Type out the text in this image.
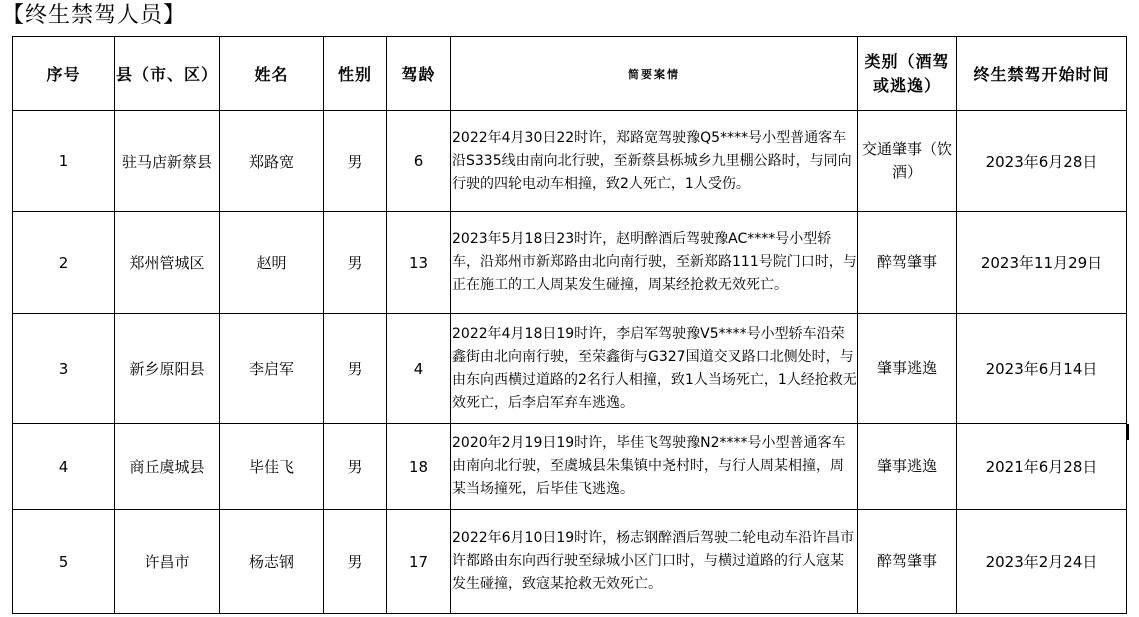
【终生禁驾人员】
序号	县（市、区）	姓名	性别	驾龄	简要案情	类别（酒驾或逃逸）	终生禁驾开始时间
1	驻马店新蔡县	郑路宽	男	6	2022年4月30日22时许，郑路宽驾驶豫Q5****号小型普通客车沿S335线由南向北行驶，至新蔡县栎城乡九里棚公路时，与同向行驶的四轮电动车相撞，致2人死亡，1人受伤。	交通肇事（饮酒）	2023年6月28日
2	郑州管城区	赵明	男	13	2023年5月18日23时许，赵明醉酒后驾驶豫AC****号小型轿车，沿郑州市新郑路由北向南行驶，至新郑路111号院门口时，与正在施工的工人周某发生碰撞，周某经抢救无效死亡。	醉驾肇事	2023年11月29日
3	新乡原阳县	李启军	男	4	2022年4月18日19时许，李启军驾驶豫V5****号小型轿车沿荣鑫街由北向南行驶，至荣鑫街与G327国道交叉路口北侧处时，与由东向西横过道路的2名行人相撞，致1人当场死亡，1人经抢救无效死亡，后李启军弃车逃逸。	肇事逃逸	2023年6月14日
4	商丘虞城县	毕佳飞	男	18	2020年2月19日19时许，毕佳飞驾驶豫N2****号小型普通客车由南向北行驶，至虞城县朱集镇中尧村时，与行人周某相撞，周某当场撞死，后毕佳飞逃逸。	肇事逃逸	2021年6月28日
5	许昌市	杨志钢	男	17	2022年6月10日19时许，杨志钢醉酒后驾驶二轮电动车沿许昌市许都路由东向西行驶至绿城小区门口时，与横过道路的行人寇某发生碰撞，致寇某抢救无效死亡。	醉驾肇事	2023年2月24日
